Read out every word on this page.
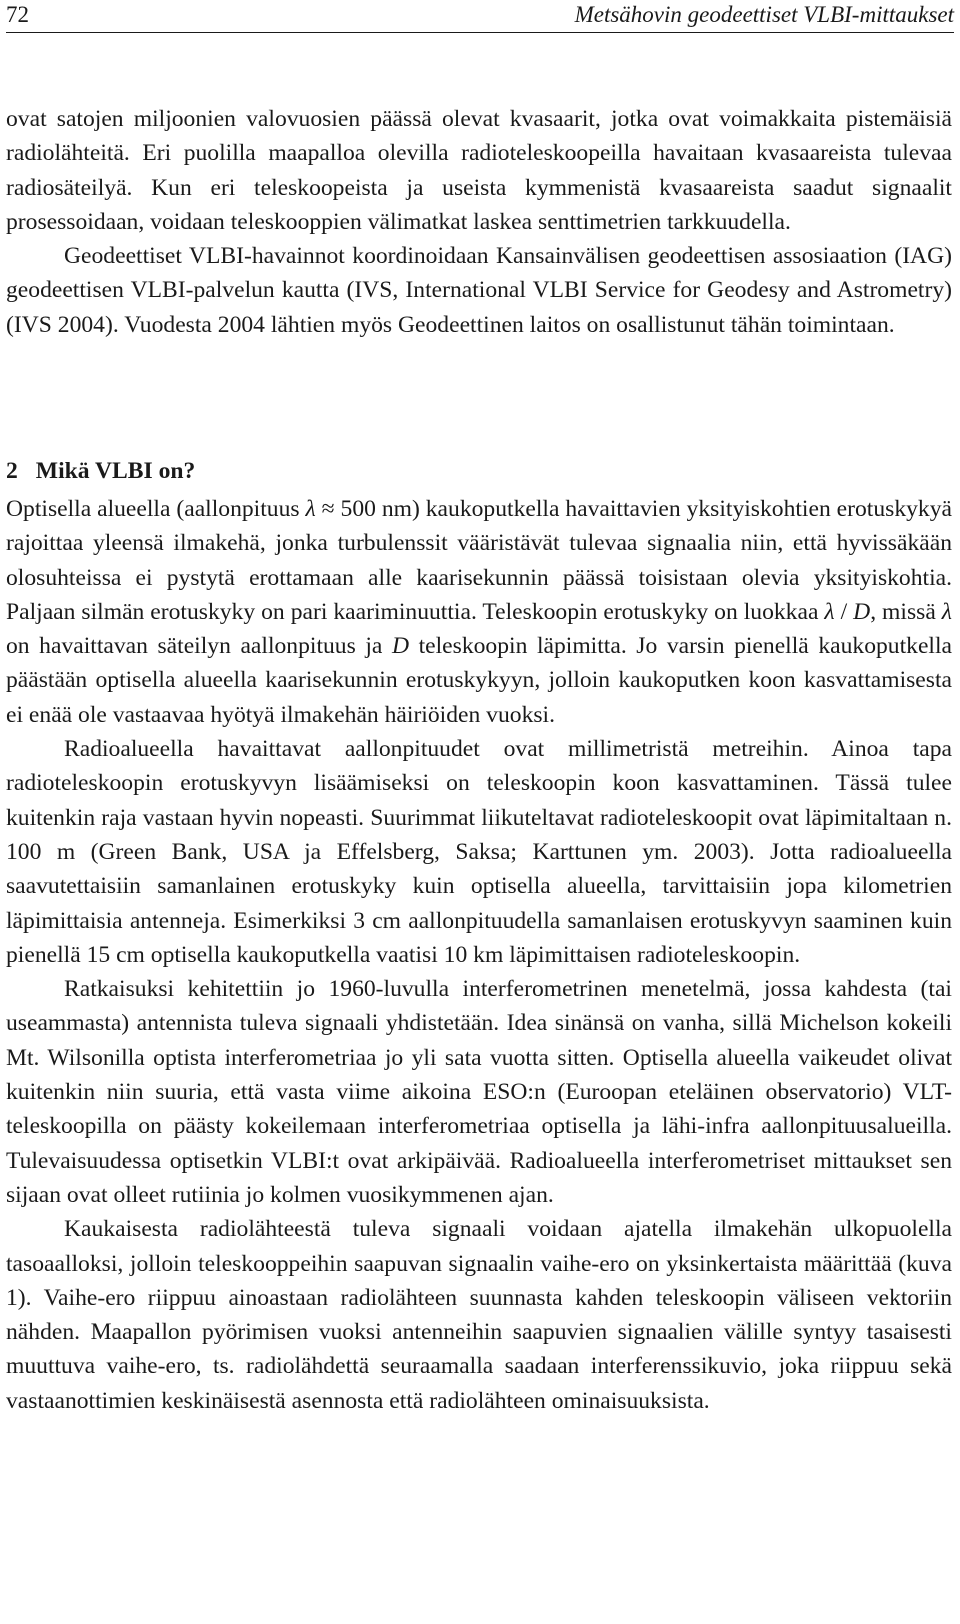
72	Metsähovin geodeettiset VLBI-mittaukset

ovat satojen miljoonien valovuosien päässä olevat kvasaarit, jotka ovat voimakkaita pistemäisiä radiolähteitä. Eri puolilla maapalloa olevilla radioteleskoopeilla havaitaan kvasaareista tulevaa radiosäteilyä. Kun eri teleskoopeista ja useista kymmenistä kvasaareista saadut signaalit prosessoidaan, voidaan teleskooppien välimatkat laskea senttimetrien tarkkuudella.

Geodeettiset VLBI-havainnot koordinoidaan Kansainvälisen geodeettisen assosiaation (IAG) geodeettisen VLBI-palvelun kautta (IVS, International VLBI Service for Geodesy and Astrometry) (IVS 2004). Vuodesta 2004 lähtien myös Geodeettinen laitos on osallistunut tähän toimintaan.

2 Mikä VLBI on?

Optisella alueella (aallonpituus λ ≈ 500 nm) kaukoputkella havaittavien yksityiskohtien erotuskykyä rajoittaa yleensä ilmakehä, jonka turbulenssit vääristävät tulevaa signaalia niin, että hyvissäkään olosuhteissa ei pystytä erottamaan alle kaarisekunnin päässä toisistaan olevia yksityiskohtia. Paljaan silmän erotuskyky on pari kaariminuuttia. Teleskoopin erotuskyky on luokkaa λ / D, missä λ on havaittavan säteilyn aallonpituus ja D teleskoopin läpimitta. Jo varsin pienellä kaukoputkella päästään optisella alueella kaarisekunnin erotuskykyyn, jolloin kaukoputken koon kasvattamisesta ei enää ole vastaavaa hyötyä ilmakehän häiriöiden vuoksi.

Radioalueella havaittavat aallonpituudet ovat millimetristä metreihin. Ainoa tapa radioteleskoopin erotuskyvyn lisäämiseksi on teleskoopin koon kasvattaminen. Tässä tulee kuitenkin raja vastaan hyvin nopeasti. Suurimmat liikuteltavat radioteleskoopit ovat läpimitaltaan n. 100 m (Green Bank, USA ja Effelsberg, Saksa; Karttunen ym. 2003). Jotta radioalueella saavutettaisiin samanlainen erotuskyky kuin optisella alueella, tarvittaisiin jopa kilometrien läpimittaisia antenneja. Esimerkiksi 3 cm aallonpituudella samanlaisen erotuskyvyn saaminen kuin pienellä 15 cm optisella kaukoputkella vaatisi 10 km läpimittaisen radioteleskoopin.

Ratkaisuksi kehitettiin jo 1960-luvulla interferometrinen menetelmä, jossa kahdesta (tai useammasta) antennista tuleva signaali yhdistetään. Idea sinänsä on vanha, sillä Michelson kokeili Mt. Wilsonilla optista interferometriaa jo yli sata vuotta sitten. Optisella alueella vaikeudet olivat kuitenkin niin suuria, että vasta viime aikoina ESO:n (Euroopan eteläinen observatorio) VLT-teleskoopilla on päästy kokeilemaan interferometriaa optisella ja lähi-infra aallonpituusalueilla. Tulevaisuudessa optisetkin VLBI:t ovat arkipäivää. Radioalueella interferometriset mittaukset sen sijaan ovat olleet rutiinia jo kolmen vuosikymmenen ajan.

Kaukaisesta radiolähteestä tuleva signaali voidaan ajatella ilmakehän ulkopuolella tasoaalloksi, jolloin teleskooppeihin saapuvan signaalin vaihe-ero on yksinkertaista määrittää (kuva 1). Vaihe-ero riippuu ainoastaan radiolähteen suunnasta kahden teleskoopin väliseen vektoriin nähden. Maapallon pyörimisen vuoksi antenneihin saapuvien signaalien välille syntyy tasaisesti muuttuva vaihe-ero, ts. radiolähdettä seuraamalla saadaan interferenssikuvio, joka riippuu sekä vastaanottimien keskinäisestä asennosta että radiolähteen ominaisuuksista.
